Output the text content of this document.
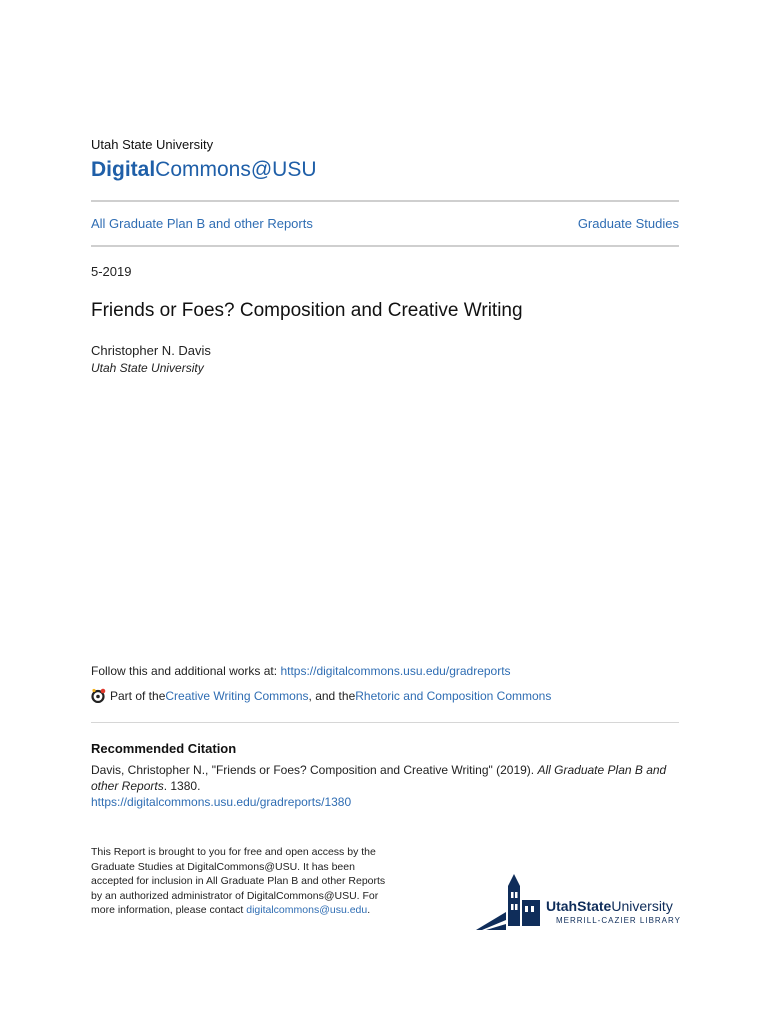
Utah State University
DigitalCommons@USU
All Graduate Plan B and other Reports	Graduate Studies
5-2019
Friends or Foes? Composition and Creative Writing
Christopher N. Davis
Utah State University
Follow this and additional works at: https://digitalcommons.usu.edu/gradreports
Part of the Creative Writing Commons , and the Rhetoric and Composition Commons
Recommended Citation
Davis, Christopher N., "Friends or Foes? Composition and Creative Writing" (2019). All Graduate Plan B and other Reports. 1380.
https://digitalcommons.usu.edu/gradreports/1380
This Report is brought to you for free and open access by the Graduate Studies at DigitalCommons@USU. It has been accepted for inclusion in All Graduate Plan B and other Reports by an authorized administrator of DigitalCommons@USU. For more information, please contact digitalcommons@usu.edu.	UtahStateUniversity
MERRILL-CAZIER LIBRARY
